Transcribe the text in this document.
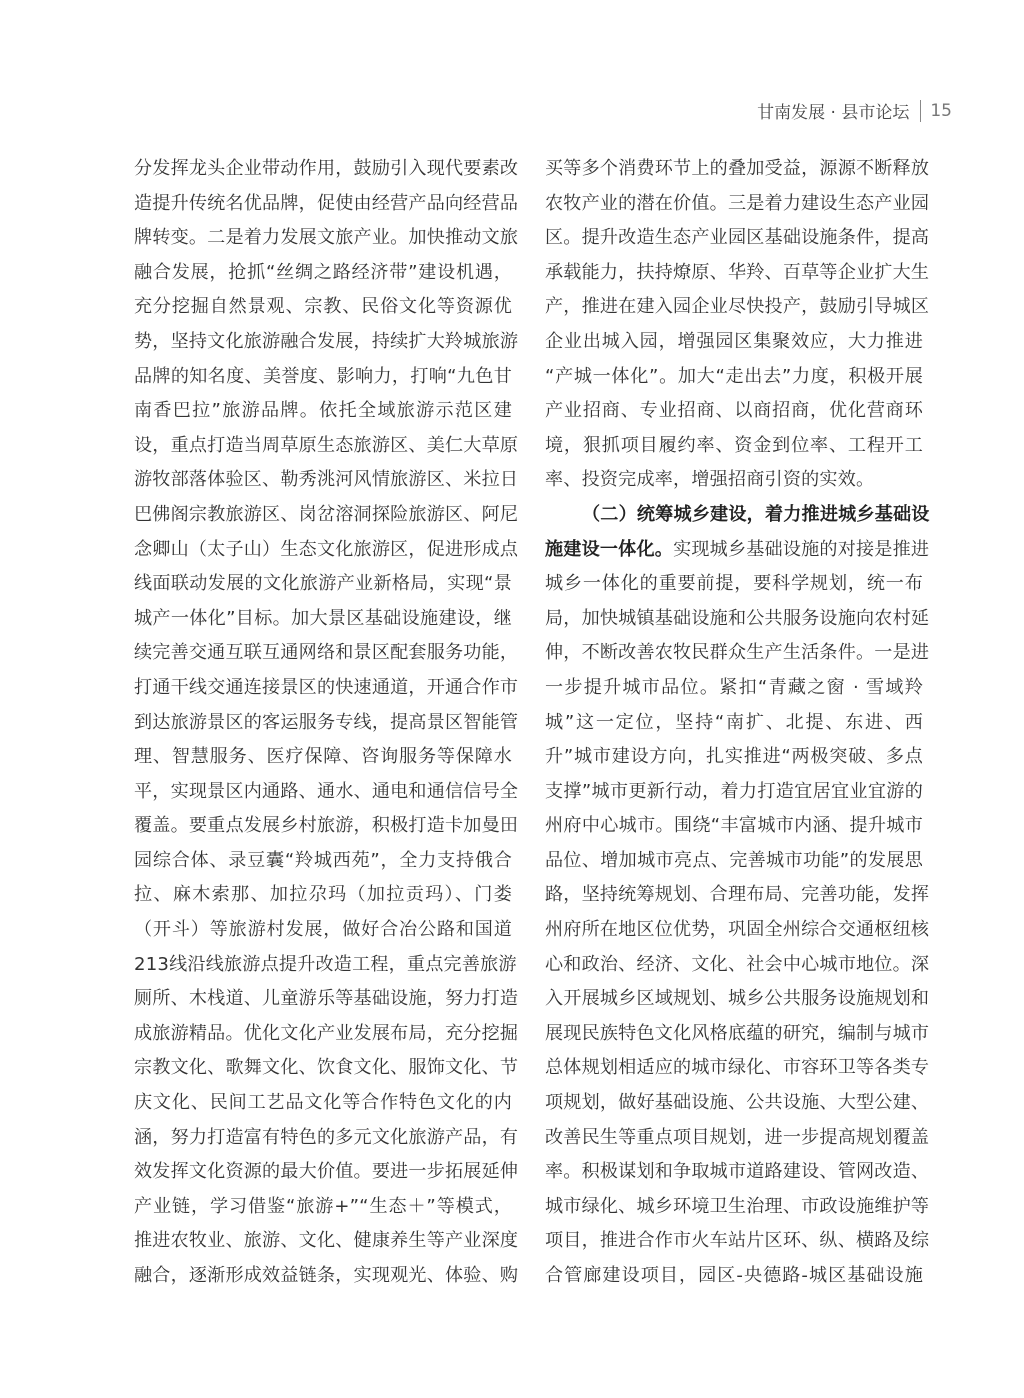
甘南发展 · 县市论坛 15
分发挥龙头企业带动作用，鼓励引入现代要素改
造提升传统名优品牌，促使由经营产品向经营品
牌转变。二是着力发展文旅产业。加快推动文旅
融合发展，抢抓“丝绸之路经济带”建设机遇，
充分挖掘自然景观、宗教、民俗文化等资源优
势，坚持文化旅游融合发展，持续扩大羚城旅游
品牌的知名度、美誉度、影响力，打响“九色甘
南香巴拉”旅游品牌。依托全域旅游示范区建
设，重点打造当周草原生态旅游区、美仁大草原
游牧部落体验区、勒秀洮河风情旅游区、米拉日
巴佛阁宗教旅游区、岗岔溶洞探险旅游区、阿尼
念卿山（太子山）生态文化旅游区，促进形成点
线面联动发展的文化旅游产业新格局，实现“景
城产一体化”目标。加大景区基础设施建设，继
续完善交通互联互通网络和景区配套服务功能，
打通干线交通连接景区的快速通道，开通合作市
到达旅游景区的客运服务专线，提高景区智能管
理、智慧服务、医疗保障、咨询服务等保障水
平，实现景区内通路、通水、通电和通信信号全
覆盖。要重点发展乡村旅游，积极打造卡加曼田
园综合体、录豆囊“羚城西苑”，全力支持俄合
拉、麻木索那、加拉尕玛（加拉贡玛）、门娄
（开斗）等旅游村发展，做好合冶公路和国道
213线沿线旅游点提升改造工程，重点完善旅游
厕所、木栈道、儿童游乐等基础设施，努力打造
成旅游精品。优化文化产业发展布局，充分挖掘
宗教文化、歌舞文化、饮食文化、服饰文化、节
庆文化、民间工艺品文化等合作特色文化的内
涵，努力打造富有特色的多元文化旅游产品，有
效发挥文化资源的最大价值。要进一步拓展延伸
产业链，学习借鉴“旅游+”“生态＋”等模式，
推进农牧业、旅游、文化、健康养生等产业深度
融合，逐渐形成效益链条，实现观光、体验、购
买等多个消费环节上的叠加受益，源源不断释放
农牧产业的潜在价值。三是着力建设生态产业园
区。提升改造生态产业园区基础设施条件，提高
承载能力，扶持燎原、华羚、百草等企业扩大生
产，推进在建入园企业尽快投产，鼓励引导城区
企业出城入园，增强园区集聚效应，大力推进
“产城一体化”。加大“走出去”力度，积极开展
产业招商、专业招商、以商招商，优化营商环
境，狠抓项目履约率、资金到位率、工程开工
率、投资完成率，增强招商引资的实效。
（二）统筹城乡建设，着力推进城乡基础设
施建设一体化。实现城乡基础设施的对接是推进
城乡一体化的重要前提，要科学规划，统一布
局，加快城镇基础设施和公共服务设施向农村延
伸，不断改善农牧民群众生产生活条件。一是进
一步提升城市品位。紧扣“青藏之窗 · 雪域羚
城”这一定位，坚持“南扩、北提、东进、西
升”城市建设方向，扎实推进“两极突破、多点
支撑”城市更新行动，着力打造宜居宜业宜游的
州府中心城市。围绕“丰富城市内涵、提升城市
品位、增加城市亮点、完善城市功能”的发展思
路，坚持统筹规划、合理布局、完善功能，发挥
州府所在地区位优势，巩固全州综合交通枢纽核
心和政治、经济、文化、社会中心城市地位。深
入开展城乡区域规划、城乡公共服务设施规划和
展现民族特色文化风格底蕴的研究，编制与城市
总体规划相适应的城市绿化、市容环卫等各类专
项规划，做好基础设施、公共设施、大型公建、
改善民生等重点项目规划，进一步提高规划覆盖
率。积极谋划和争取城市道路建设、管网改造、
城市绿化、城乡环境卫生治理、市政设施维护等
项目，推进合作市火车站片区环、纵、横路及综
合管廊建设项目，园区-央德路-城区基础设施
